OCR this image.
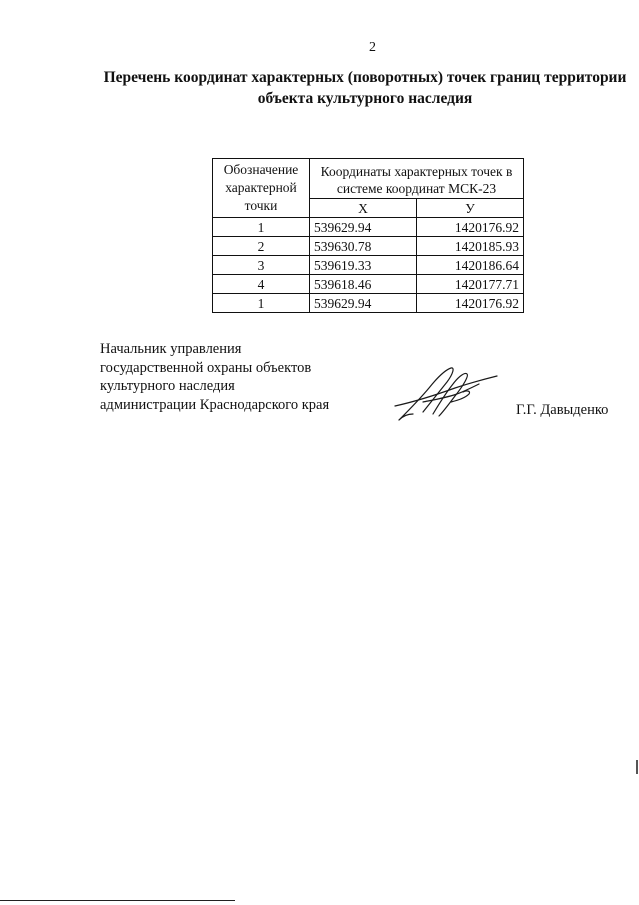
2
Перечень координат характерных (поворотных) точек границ территории
объекта культурного наследия
Обозначение характерной точки	Координаты характерных точек в системе координат МСК-23	
	X	У
1	539629.94	1420176.92
2	539630.78	1420185.93
3	539619.33	1420186.64
4	539618.46	1420177.71
1	539629.94	1420176.92
Начальник управления
государственной охраны объектов
культурного наследия
администрации Краснодарского края	Г.Г. Давыденко
